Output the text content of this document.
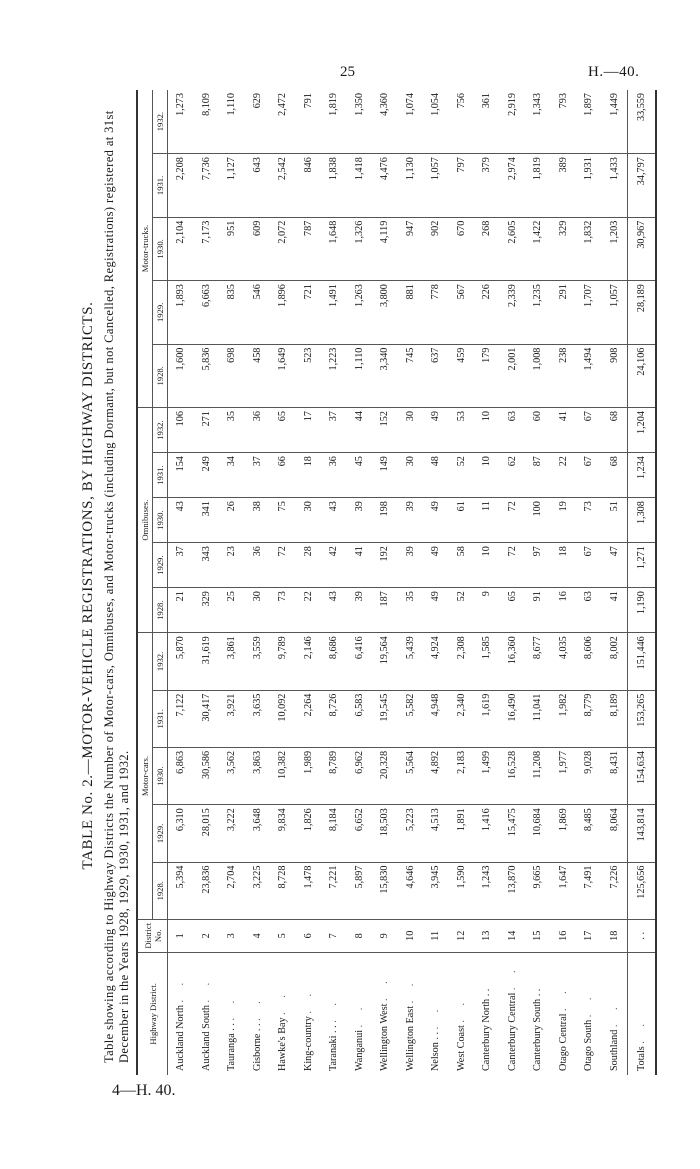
25	H.—40.
4—H. 40.
TABLE No. 2.—MOTOR-VEHICLE REGISTRATIONS, BY HIGHWAY DISTRICTS. Table showing according to Highway Districts the Number of Motor-cars, Omnibuses, and Motor-trucks (including Dormant, but not Cancelled, Registrations) registered at 31st December in the Years 1928, 1929, 1930, 1931, and 1932. Highway District.	District No.	Motor-cars.					Omnibuses.					Motor-trucks.				
		1928.	1929.	1930.	1931.	1932.	1928.	1929.	1930.	1931.	1932.	1928.	1929.	1930.	1931.	1932.
Auckland North . .	1	5,394	6,310	6,863	7,122	5,870	21	37	43	154	106	1,600	1,893	2,104	2,208	1,273
Auckland South . .	2	23,836	28,015	30,586	30,417	31,619	329	343	341	249	271	5,836	6,663	7,173	7,736	8,109
Tauranga . . . .	3	2,704	3,222	3,562	3,921	3,861	25	23	26	34	35	698	835	951	1,127	1,110
Gisborne . . . .	4	3,225	3,648	3,863	3,635	3,559	30	36	38	37	36	458	546	609	643	629
Hawke's Bay . .	5	8,728	9,834	10,382	10,092	9,789	73	72	75	66	65	1,649	1,896	2,072	2,542	2,472
King-country . .	6	1,478	1,826	1,989	2,264	2,146	22	28	30	18	17	523	721	787	846	791
Taranaki . . . .	7	7,221	8,184	8,789	8,726	8,686	43	42	43	36	37	1,223	1,491	1,648	1,838	1,819
Wanganui . .	8	5,897	6,652	6,962	6,583	6,416	39	41	39	45	44	1,110	1,263	1,326	1,418	1,350
Wellington West . .	9	15,830	18,503	20,328	19,545	19,564	187	192	198	149	152	3,340	3,800	4,119	4,476	4,360
Wellington East . .	10	4,646	5,223	5,564	5,582	5,439	35	39	39	30	30	745	881	947	1,130	1,074
Nelson . . . .	11	3,945	4,513	4,892	4,948	4,924	49	49	49	48	49	637	778	902	1,057	1,054
West Coast . .	12	1,590	1,891	2,183	2,340	2,308	52	58	61	52	53	459	567	670	797	756
Canterbury North . .	13	1,243	1,416	1,499	1,619	1,585	9	10	11	10	10	179	226	268	379	361
Canterbury Central . .	14	13,870	15,475	16,528	16,490	16,360	65	72	72	62	63	2,001	2,339	2,605	2,974	2,919
Canterbury South . .	15	9,665	10,684	11,208	11,041	8,677	91	97	100	87	60	1,008	1,235	1,422	1,819	1,343
Otago Central . .	16	1,647	1,869	1,977	1,982	4,035	16	18	19	22	41	238	291	329	389	793
Otago South . .	17	7,491	8,485	9,028	8,779	8,606	63	67	73	67	67	1,494	1,707	1,832	1,931	1,897
Southland . .	18	7,226	8,064	8,431	8,189	8,002	41	47	51	68	68	908	1,057	1,203	1,433	1,449
Totals . .	. .	125,656	143,814	154,634	153,265	151,446	1,190	1,271	1,308	1,234	1,204	24,106	28,189	30,967	34,797	33,559
